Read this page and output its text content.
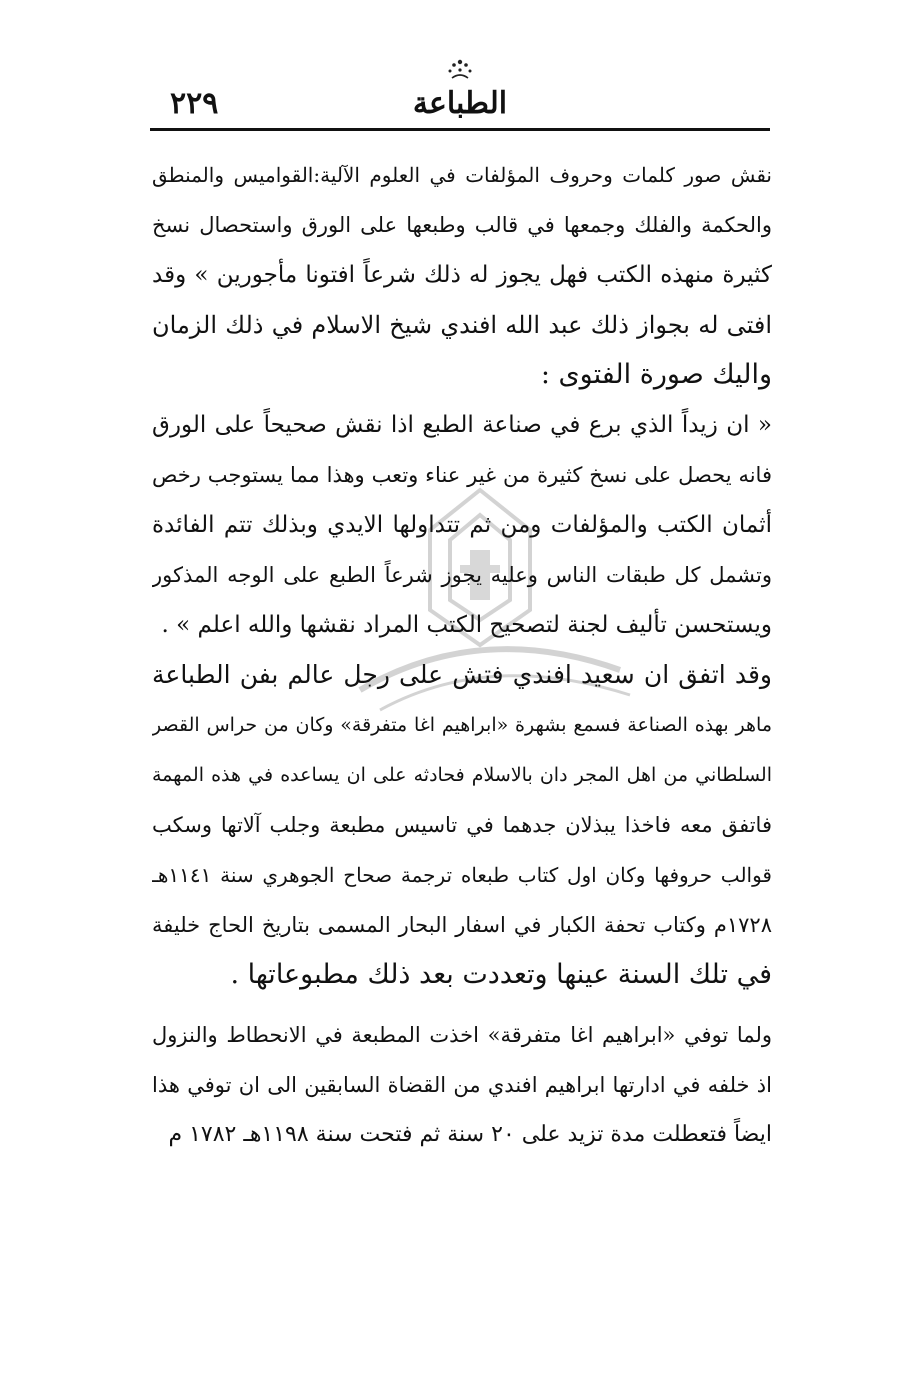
الطباعة
٢٢٩
نقش صور كلمات وحروف المؤلفات في العلوم الآلية:القواميس والمنطق
والحكمة والفلك وجمعها في قالب وطبعها على الورق واستحصال نسخ
كثيرة منهذه الكتب فهل يجوز له ذلك شرعاً افتونا مأجورين » وقد
افتى له بجواز ذلك عبد الله افندي شيخ الاسلام في ذلك الزمان
واليك صورة الفتوى :
« ان زيداً الذي برع في صناعة الطبع اذا نقش صحيحاً على الورق
فانه يحصل على نسخ كثيرة من غير عناء وتعب وهذا مما يستوجب رخص
أثمان الكتب والمؤلفات ومن ثم تتداولها الايدي وبذلك تتم الفائدة
وتشمل كل طبقات الناس وعليه يجوز شرعاً الطبع على الوجه المذكور
ويستحسن تأليف لجنة لتصحيح الكتب المراد نقشها والله اعلم » .
وقد اتفق ان سعيد افندي فتش على رجل عالم بفن الطباعة
ماهر بهذه الصناعة فسمع بشهرة «ابراهيم اغا متفرقة» وكان من حراس القصر
السلطاني من اهل المجر دان بالاسلام فحادثه على ان يساعده في هذه المهمة
فاتفق معه فاخذا يبذلان جدهما في تاسيس مطبعة وجلب آلاتها وسكب
قوالب حروفها وكان اول كتاب طبعاه ترجمة صحاح الجوهري سنة ١١٤١هـ
١٧٢٨م وكتاب تحفة الكبار في اسفار البحار المسمى بتاريخ الحاج خليفة
في تلك السنة عينها وتعددت بعد ذلك مطبوعاتها .
ولما توفي «ابراهيم اغا متفرقة» اخذت المطبعة في الانحطاط والنزول
اذ خلفه في ادارتها ابراهيم افندي من القضاة السابقين الى ان توفي هذا
ايضاً فتعطلت مدة تزيد على ٢٠ سنة ثم فتحت سنة ١١٩٨هـ ١٧٨٢ م
